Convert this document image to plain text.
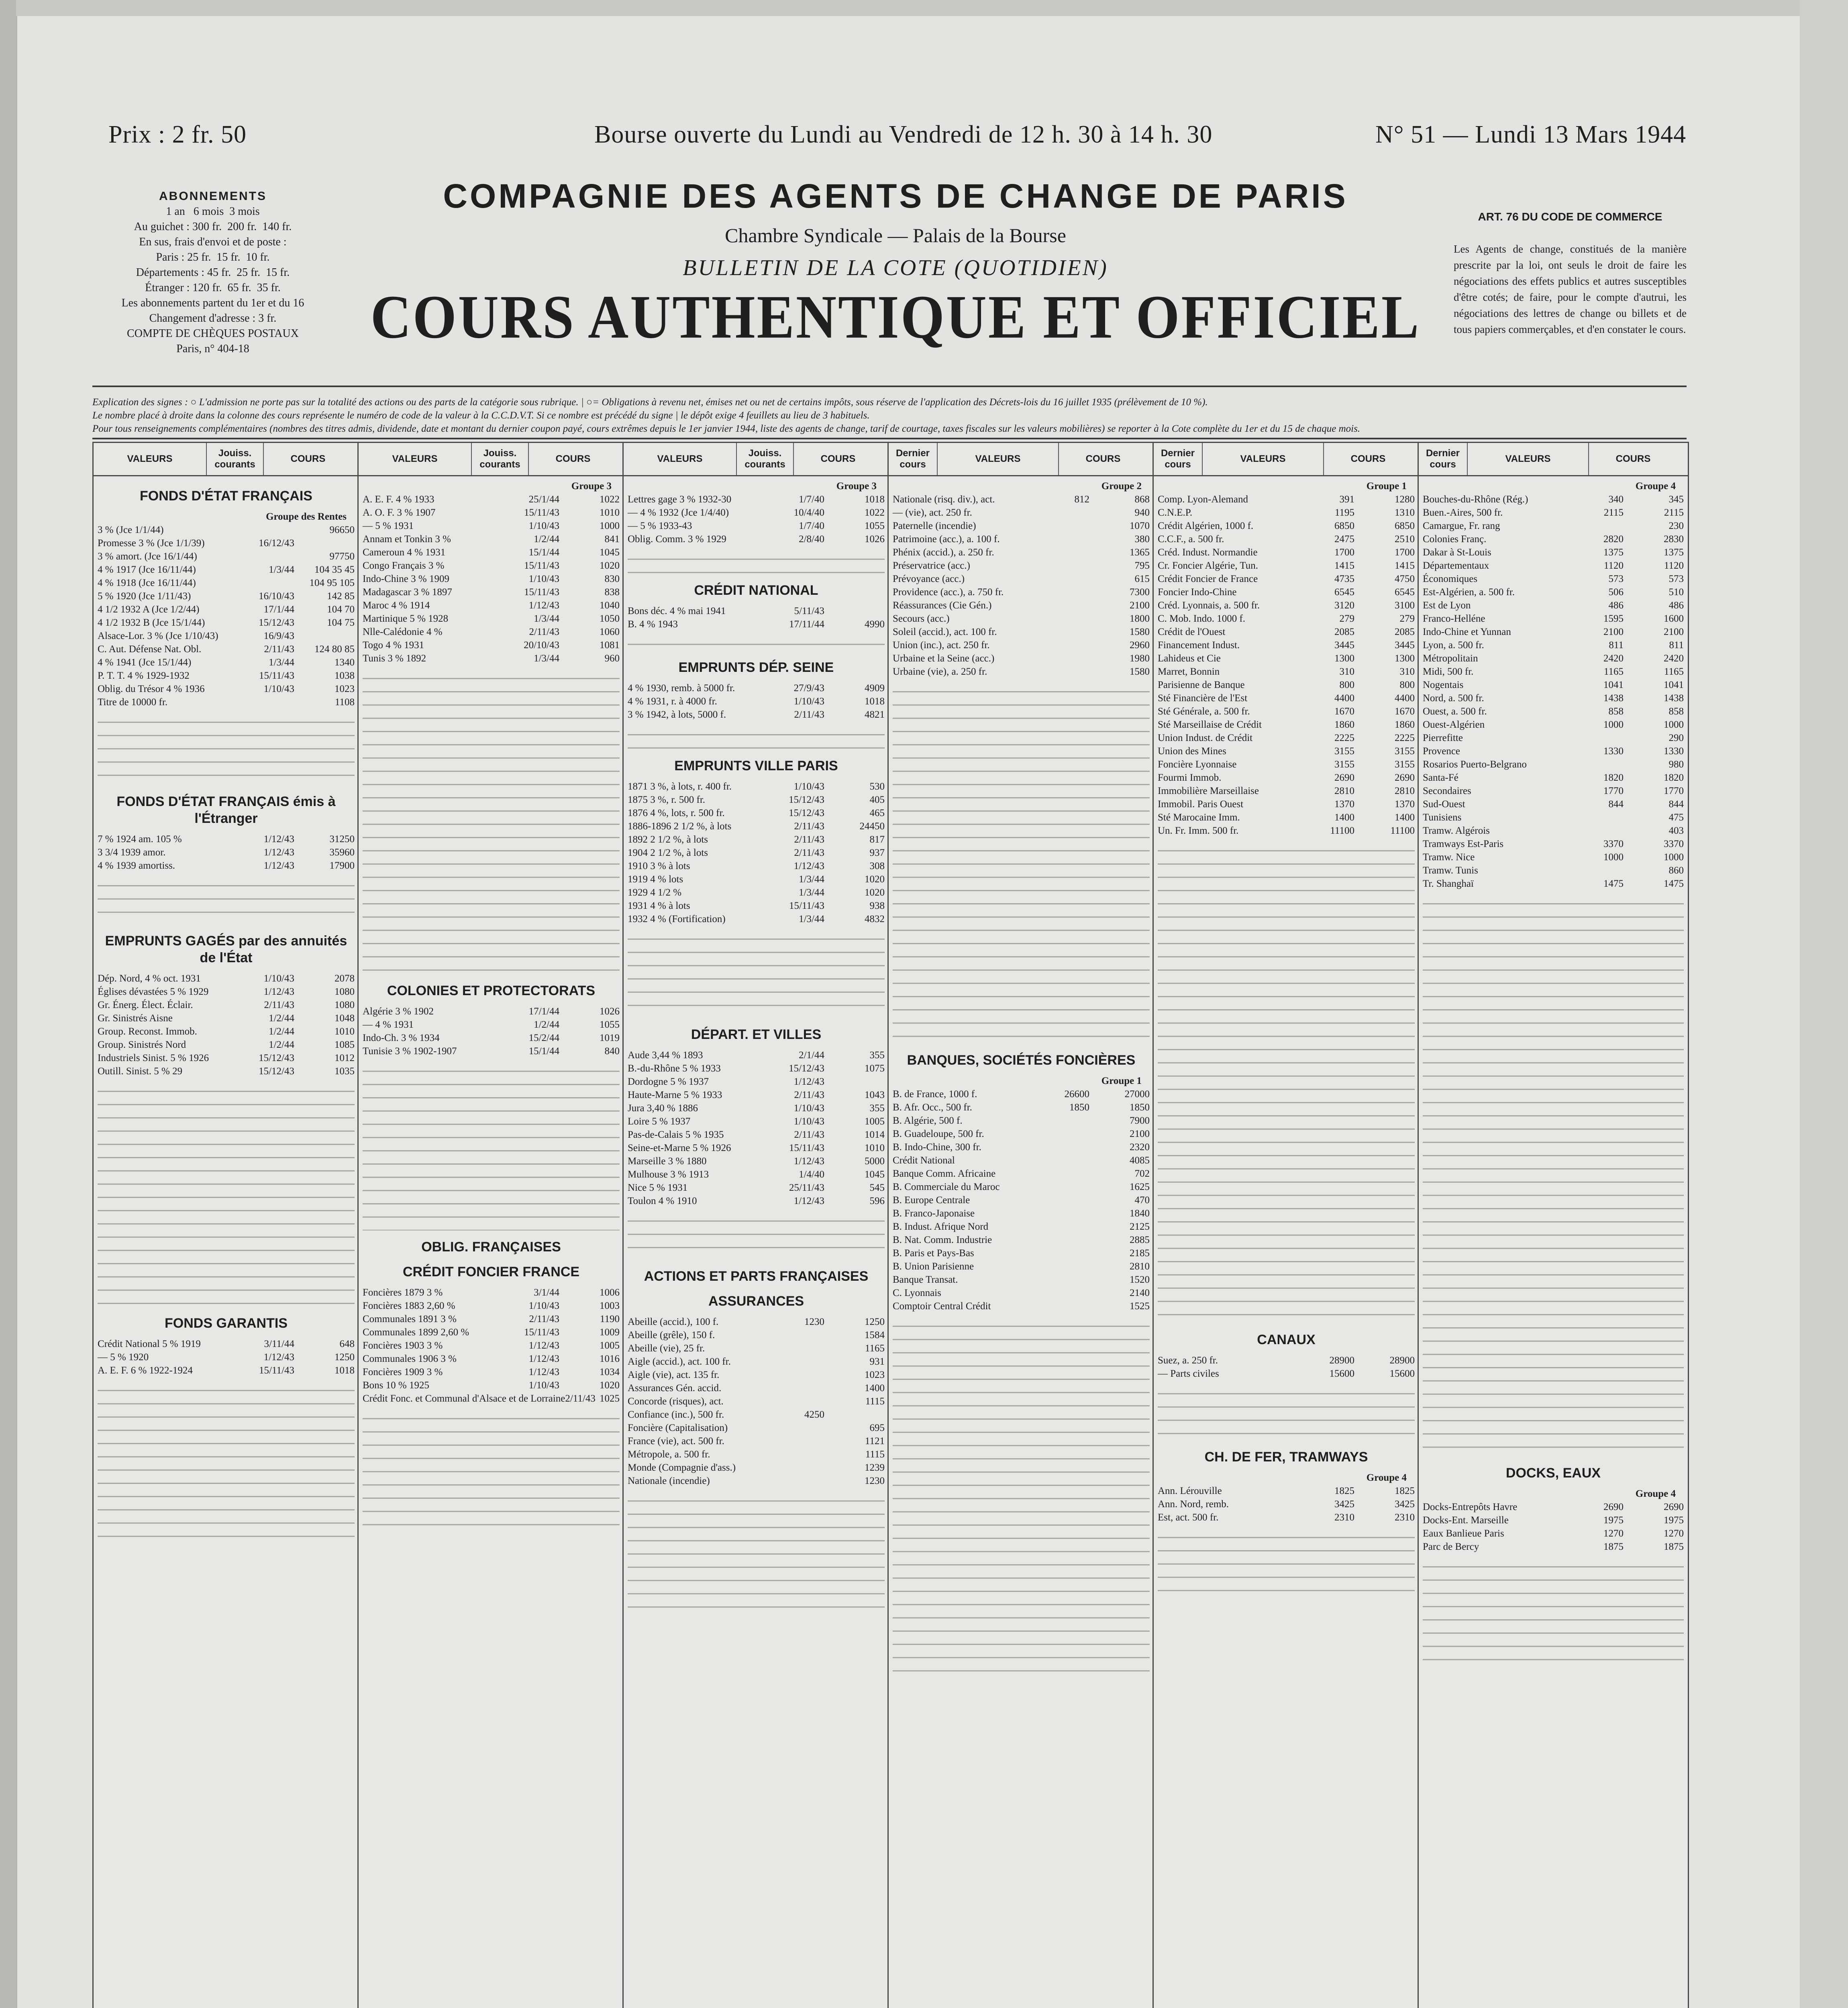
Prix : 2 fr. 50	Bourse ouverte du Lundi au Vendredi de 12 h. 30 à 14 h. 30	N° 51 — Lundi 13 Mars 1944
ABONNEMENTS
1 an   6 mois  3 mois
Au guichet : 300 fr.  200 fr.  140 fr.
En sus, frais d'envoi et de poste :
Paris : 25 fr.  15 fr.  10 fr.
Départements : 45 fr.  25 fr.  15 fr.
Étranger : 120 fr.  65 fr.  35 fr.
Les abonnements partent du 1er et du 16
Changement d'adresse : 3 fr.
COMPTE DE CHÈQUES POSTAUX
Paris, n° 404-18
COMPAGNIE DES AGENTS DE CHANGE DE PARIS
Chambre Syndicale — Palais de la Bourse
BULLETIN DE LA COTE (QUOTIDIEN)
COURS AUTHENTIQUE ET OFFICIEL
ART. 76 DU CODE DE COMMERCE
Les Agents de change, constitués de la manière prescrite par la loi, ont seuls le droit de faire les négociations des effets publics et autres susceptibles d'être cotés; de faire, pour le compte d'autrui, les négociations des lettres de change ou billets et de tous papiers commerçables, et d'en constater le cours.
Explication des signes : ○ L'admission ne porte pas sur la totalité des actions ou des parts de la catégorie sous rubrique. | ○= Obligations à revenu net, émises net ou net de certains impôts, sous réserve de l'application des Décrets-lois du 16 juillet 1935 (prélèvement de 10 %).
Le nombre placé à droite dans la colonne des cours représente le numéro de code de la valeur à la C.C.D.V.T. Si ce nombre est précédé du signe | le dépôt exige 4 feuillets au lieu de 3 habituels.
Pour tous renseignements complémentaires (nombres des titres admis, dividende, date et montant du dernier coupon payé, cours extrêmes depuis le 1er janvier 1944, liste des agents de change, tarif de courtage, taxes fiscales sur les valeurs mobilières) se reporter à la Cote complète du 1er et du 15 de chaque mois.
VALEURS
Jouiss. courants
COURS
FONDS D'ÉTAT FRANÇAIS
Groupe des Rentes
3 % (Jce 1/1/44)	96650
Promesse 3 % (Jce 1/1/39)	16/12/43
3 % amort. (Jce 16/1/44)	97750
4 % 1917 (Jce 16/11/44)	1/3/44	104 35 45
4 % 1918 (Jce 16/11/44)	104 95 105
5 % 1920 (Jce 1/11/43)	16/10/43	142 85
4 1/2 1932 A (Jce 1/2/44)	17/1/44	104 70
4 1/2 1932 B (Jce 15/1/44)	15/12/43	104 75
Alsace-Lor. 3 % (Jce 1/10/43)	16/9/43
C. Aut. Défense Nat. Obl.	2/11/43	124 80 85
4 % 1941 (Jce 15/1/44)	1/3/44	1340
P. T. T. 4 % 1929-1932	15/11/43	1038
Oblig. du Trésor 4 % 1936	1/10/43	1023
Titre de 10000 fr.	1108
FONDS D'ÉTAT FRANÇAIS émis à l'Étranger
7 % 1924 am. 105 %	1/12/43	31250
3 3/4 1939 amor.	1/12/43	35960
4 % 1939 amortiss.	1/12/43	17900
EMPRUNTS GAGÉS par des annuités de l'État
Dép. Nord, 4 % oct. 1931	1/10/43	2078
Églises dévastées 5 % 1929	1/12/43	1080
Gr. Énerg. Élect. Éclair.	2/11/43	1080
Gr. Sinistrés Aisne	1/2/44	1048
Group. Reconst. Immob.	1/2/44	1010
Group. Sinistrés Nord	1/2/44	1085
Industriels Sinist. 5 % 1926	15/12/43	1012
Outill. Sinist. 5 % 29	15/12/43	1035
FONDS GARANTIS
Crédit National 5 % 1919	3/11/44	648
— 5 % 1920	1/12/43	1250
A. E. F. 6 % 1922-1924	15/11/43	1018
VALEURS
Jouiss. courants
COURS
Groupe 3
A. E. F. 4 % 1933	25/1/44	1022
A. O. F. 3 % 1907	15/11/43	1010
— 5 % 1931	1/10/43	1000
Annam et Tonkin 3 %	1/2/44	841
Cameroun 4 % 1931	15/1/44	1045
Congo Français 3 %	15/11/43	1020
Indo-Chine 3 % 1909	1/10/43	830
Madagascar 3 % 1897	15/11/43	838
Maroc 4 % 1914	1/12/43	1040
Martinique 5 % 1928	1/3/44	1050
Nlle-Calédonie 4 %	2/11/43	1060
Togo 4 % 1931	20/10/43	1081
Tunis 3 % 1892	1/3/44	960
COLONIES ET PROTECTORATS
Algérie 3 % 1902	17/1/44	1026
— 4 % 1931	1/2/44	1055
Indo-Ch. 3 % 1934	15/2/44	1019
Tunisie 3 % 1902-1907	15/1/44	840
OBLIG. FRANÇAISES
CRÉDIT FONCIER FRANCE
Foncières 1879 3 %	3/1/44	1006
Foncières 1883 2,60 %	1/10/43	1003
Communales 1891 3 %	2/11/43	1190
Communales 1899 2,60 %	15/11/43	1009
Foncières 1903 3 %	1/12/43	1005
Communales 1906 3 %	1/12/43	1016
Foncières 1909 3 %	1/12/43	1034
Bons 10 % 1925	1/10/43	1020
Crédit Fonc. et Communal d'Alsace et de Lorraine 2/11/43 1025
VALEURS
Jouiss. courants
COURS
Groupe 3
Lettres gage 3 % 1932-30	1/7/40	1018
— 4 % 1932 (Jce 1/4/40)	10/4/40	1022
— 5 % 1933-43	1/7/40	1055
Oblig. Comm. 3 % 1929	2/8/40	1026
CRÉDIT NATIONAL
Bons déc. 4 % mai 1941	5/11/43
B. 4 % 1943	17/11/44	4990
EMPRUNTS DÉP. SEINE
4 % 1930, remb. à 5000 fr.	27/9/43	4909
4 % 1931, r. à 4000 fr.	1/10/43	1018
3 % 1942, à lots, 5000 f.	2/11/43	4821
EMPRUNTS VILLE PARIS
1871 3 %, à lots, r. 400 fr.	1/10/43	530
1875 3 %, r. 500 fr.	15/12/43	405
1876 4 %, lots, r. 500 fr.	15/12/43	465
1886-1896 2 1/2 %, à lots	2/11/43	24450
1892 2 1/2 %, à lots	2/11/43	817
1904 2 1/2 %, à lots	2/11/43	937
1910 3 % à lots	1/12/43	308
1919 4 % lots	1/3/44	1020
1929 4 1/2 %	1/3/44	1020
1931 4 % à lots	15/11/43	938
1932 4 % (Fortification)	1/3/44	4832
DÉPART. ET VILLES
Aude 3,44 % 1893	2/1/44	355
B.-du-Rhône 5 % 1933	15/12/43	1075
Dordogne 5 % 1937	1/12/43
Haute-Marne 5 % 1933	2/11/43	1043
Jura 3,40 % 1886	1/10/43	355
Loire 5 % 1937	1/10/43	1005
Pas-de-Calais 5 % 1935	2/11/43	1014
Seine-et-Marne 5 % 1926	15/11/43	1010
Marseille 3 % 1880	1/12/43	5000
Mulhouse 3 % 1913	1/4/40	1045
Nice 5 % 1931	25/11/43	545
Toulon 4 % 1910	1/12/43	596
ACTIONS ET PARTS FRANÇAISES
ASSURANCES
Abeille (accid.), 100 f.	1230	1250
Abeille (grêle), 150 f.	1584
Abeille (vie), 25 fr.	1165
Aigle (accid.), act. 100 fr.	931
Aigle (vie), act. 135 fr.	1023
Assurances Gén. accid.	1400
Concorde (risques), act.	1115
Confiance (inc.), 500 fr.	4250
Foncière (Capitalisation)	695
France (vie), act. 500 fr.	1121
Métropole, a. 500 fr.	1115
Monde (Compagnie d'ass.)	1239
Nationale (incendie)	1230
Dernier cours
VALEURS	COURS
Groupe 2
Nationale (risq. div.), act.	812	868
— (vie), act. 250 fr.	940
Paternelle (incendie)	1070
Patrimoine (acc.), a. 100 f.	380
Phénix (accid.), a. 250 fr.	1365
Préservatrice (acc.)	795
Prévoyance (acc.)	615
Providence (acc.), a. 750 fr.	7300
Réassurances (Cie Gén.)	2100
Secours (acc.)	1800
Soleil (accid.), act. 100 fr.	1580
Union (inc.), act. 250 fr.	2960
Urbaine et la Seine (acc.)	1980
Urbaine (vie), a. 250 fr.	1580
BANQUES, SOCIÉTÉS FONCIÈRES
Groupe 1
B. de France, 1000 f.	26600	27000
B. Afr. Occ., 500 fr.	1850	1850
B. Algérie, 500 f.	7900
B. Guadeloupe, 500 fr.	2100
B. Indo-Chine, 300 fr.	2320
Crédit National	4085
Banque Comm. Africaine	702
B. Commerciale du Maroc	1625
B. Europe Centrale	470
B. Franco-Japonaise	1840
B. Indust. Afrique Nord	2125
B. Nat. Comm. Industrie	2885
B. Paris et Pays-Bas	2185
B. Union Parisienne	2810
Banque Transat.	1520
C. Lyonnais	2140
Comptoir Central Crédit	1525
Dernier cours
VALEURS	COURS
Groupe 1
Comp. Lyon-Alemand	391	1280
C.N.E.P.	1195	1310
Crédit Algérien, 1000 f.	6850	6850
C.C.F., a. 500 fr.	2475	2510
Créd. Indust. Normandie	1700	1700
Cr. Foncier Algérie, Tun.	1415	1415
Crédit Foncier de France	4735	4750
Foncier Indo-Chine	6545	6545
Créd. Lyonnais, a. 500 fr.	3120	3100
C. Mob. Indo. 1000 f.	279	279
Crédit de l'Ouest	2085	2085
Financement Indust.	3445	3445
Lahideus et Cie	1300	1300
Marret, Bonnin	310	310
Parisienne de Banque	800	800
Sté Financière de l'Est	4400	4400
Sté Générale, a. 500 fr.	1670	1670
Sté Marseillaise de Crédit	1860	1860
Union Indust. de Crédit	2225	2225
Union des Mines	3155	3155
Foncière Lyonnaise	3155	3155
Fourmi Immob.	2690	2690
Immobilière Marseillaise	2810	2810
Immobil. Paris Ouest	1370	1370
Sté Marocaine Imm.	1400	1400
Un. Fr. Imm. 500 fr.	11100	11100
CANAUX
Suez, a. 250 fr.	28900	28900
— Parts civiles	15600	15600
CH. DE FER, TRAMWAYS
Groupe 4
Ann. Lérouville	1825	1825
Ann. Nord, remb.	3425	3425
Est, act. 500 fr.	2310	2310
Dernier cours
VALEURS	COURS
Groupe 4
Bouches-du-Rhône (Rég.)	340	345
Buen.-Aires, 500 fr.	2115	2115
Camargue, Fr. rang	230
Colonies Franç.	2820	2830
Dakar à St-Louis	1375	1375
Départementaux	1120	1120
Économiques	573	573
Est-Algérien, a. 500 fr.	506	510
Est de Lyon	486	486
Franco-Helléne	1595	1600
Indo-Chine et Yunnan	2100	2100
Lyon, a. 500 fr.	811	811
Métropolitain	2420	2420
Midi, 500 fr.	1165	1165
Nogentais	1041	1041
Nord, a. 500 fr.	1438	1438
Ouest, a. 500 fr.	858	858
Ouest-Algérien	1000	1000
Pierrefitte	290
Provence	1330	1330
Rosarios Puerto-Belgrano	980
Santa-Fé	1820	1820
Secondaires	1770	1770
Sud-Ouest	844	844
Tunisiens	475
Tramw. Algérois	403
Tramways Est-Paris	3370	3370
Tramw. Nice	1000	1000
Tramw. Tunis	860
Tr. Shanghaï	1475	1475
DOCKS, EAUX
Groupe 4
Docks-Entrepôts Havre	2690	2690
Docks-Ent. Marseille	1975	1975
Eaux Banlieue Paris	1270	1270
Parc de Bercy	1875	1875
